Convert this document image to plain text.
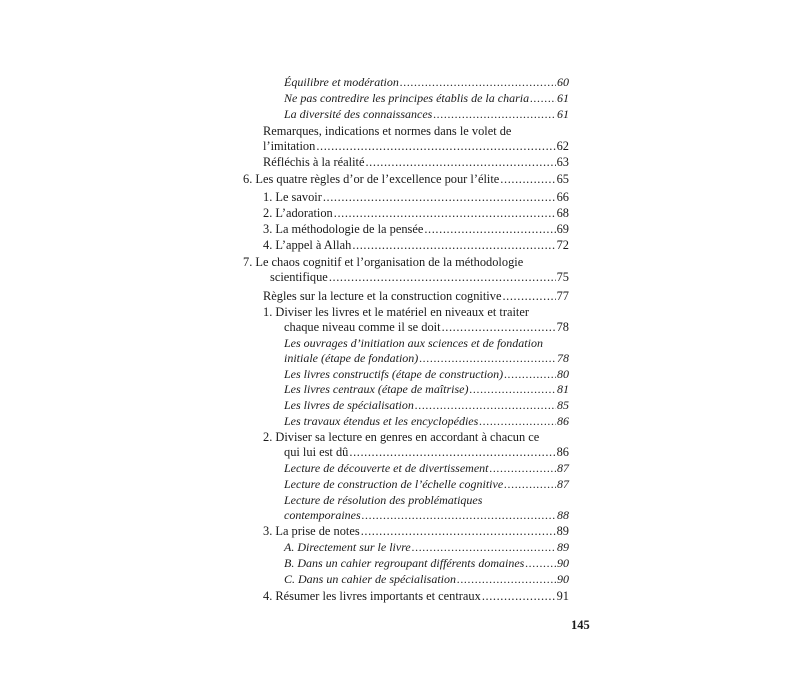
Équilibre et modération .....	60
Ne pas contredire les principes établis de la charia ..... 61
La diversité des connaissances .....	61
Remarques, indications et normes dans le volet de
l’imitation .....	62
Réfléchis à la réalité .....	63
6. Les quatre règles d’or de l’excellence pour l’élite .....	65
1. Le savoir .....	66
2. L’adoration .....	68
3. La méthodologie de la pensée .....	69
4. L’appel à Allah .....	72
7. Le chaos cognitif et l’organisation de la méthodologie
scientifique .....	75
Règles sur la lecture et la construction cognitive .....	77
1. Diviser les livres et le matériel en niveaux et traiter
chaque niveau comme il se doit .....	78
Les ouvrages d’initiation aux sciences et de fondation
initiale (étape de fondation) .....	78
Les livres constructifs (étape de construction) .....	80
Les livres centraux (étape de maîtrise) .....	81
Les livres de spécialisation .....	85
Les travaux étendus et les encyclopédies .....	86
2. Diviser sa lecture en genres en accordant à chacun ce
qui lui est dû .....	86
Lecture de découverte et de divertissement .....	87
Lecture de construction de l’échelle cognitive .....	87
Lecture de résolution des problématiques
contemporaines .....	88
3. La prise de notes .....	89
A. Directement sur le livre .....	89
B. Dans un cahier regroupant différents domaines .....	90
C. Dans un cahier de spécialisation .....	90
4. Résumer les livres importants et centraux .....	91
145
